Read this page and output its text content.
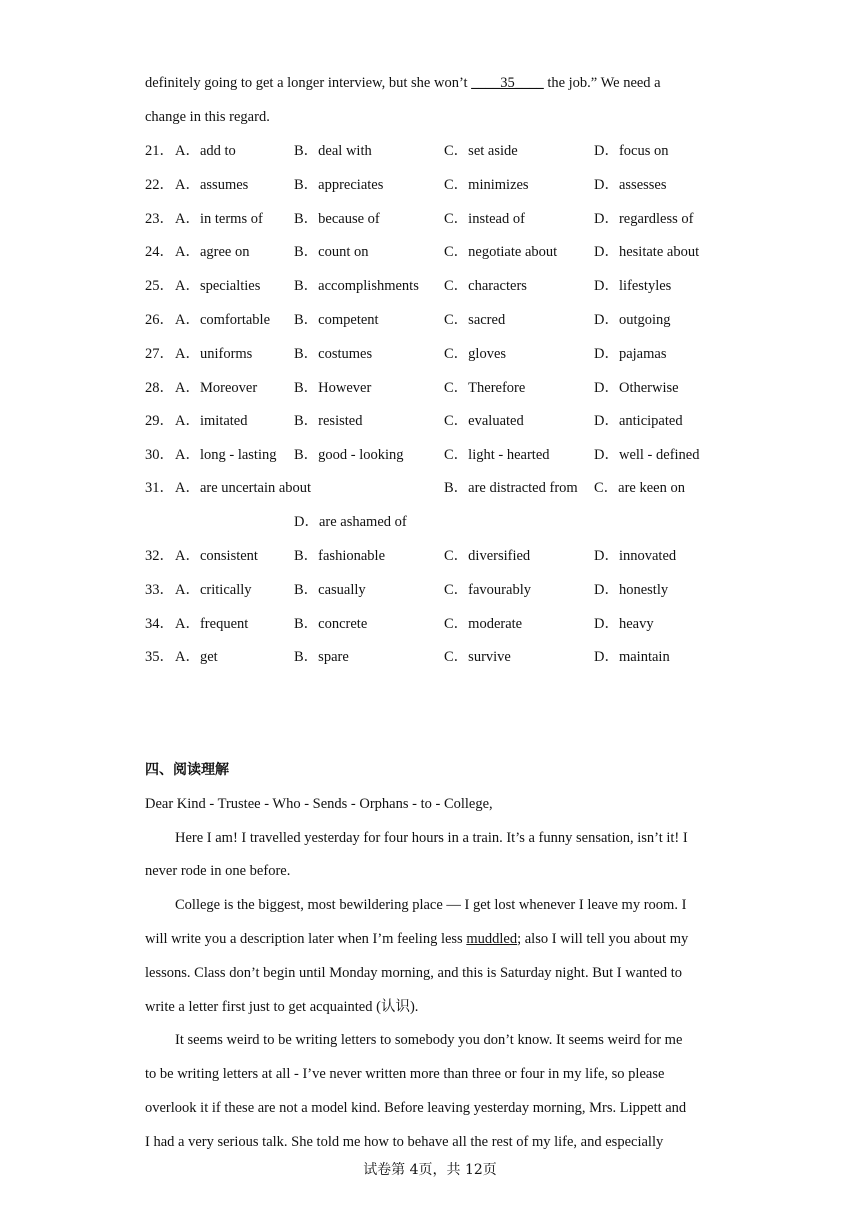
definitely going to get a longer interview, but she won’t ____35____ the job.” We need a
change in this regard.
21． A．add to	B．deal with	C．set aside	D．focus on
22． A．assumes	B．appreciates	C．minimizes	D．assesses
23． A．in terms of B．because of	C．instead of	D．regardless of
24． A．agree on	B．count on	C．negotiate about	D．hesitate about
25． A．specialties B．accomplishments C．characters	D．lifestyles
26． A．comfortable B．competent	C．sacred	D．outgoing
27． A．uniforms	B．costumes	C．gloves	D．pajamas
28． A．Moreover	B．However	C．Therefore	D．Otherwise
29． A．imitated	B．resisted	C．evaluated	D．anticipated
30． A．long - lasting B．good - looking	C．light - hearted	D．well - defined
31． A．are uncertain about	B．are distracted from C．are keen on
D．are ashamed of
32． A．consistent B．fashionable	C．diversified	D．innovated
33． A．critically	B．casually	C．favourably	D．honestly
34． A．frequent	B．concrete	C．moderate	D．heavy
35． A．get	B．spare	C．survive	D．maintain
四、阅读理解
Dear Kind - Trustee - Who - Sends - Orphans - to - College,
Here I am! I travelled yesterday for four hours in a train. It’s a funny sensation, isn’t it! I
never rode in one before.
College is the biggest, most bewildering place — I get lost whenever I leave my room. I
will write you a description later when I’m feeling less muddled; also I will tell you about my
lessons. Class don’t begin until Monday morning, and this is Saturday night. But I wanted to
write a letter first just to get acquainted (认识).
It seems weird to be writing letters to somebody you don’t know. It seems weird for me
to be writing letters at all - I’ve never written more than three or four in my life, so please
overlook it if these are not a model kind. Before leaving yesterday morning, Mrs. Lippett and
I had a very serious talk. She told me how to behave all the rest of my life, and especially
试卷第 4页，共 12页
